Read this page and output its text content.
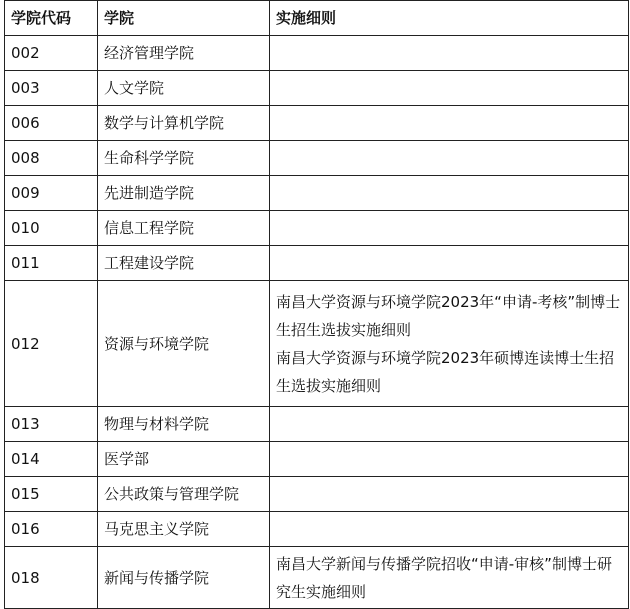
学院代码	学院	实施细则
002	经济管理学院	
003	人文学院	
006	数学与计算机学院	
008	生命科学学院	
009	先进制造学院	
010	信息工程学院	
011	工程建设学院	
012	资源与环境学院	南昌大学资源与环境学院2023年“申请-考核”制博士生招生选拔实施细则
南昌大学资源与环境学院2023年硕博连读博士生招生选拔实施细则

013	物理与材料学院	
014	医学部	
015	公共政策与管理学院	
016	马克思主义学院	
018	新闻与传播学院	南昌大学新闻与传播学院招收“申请-审核”制博士研究生实施细则
